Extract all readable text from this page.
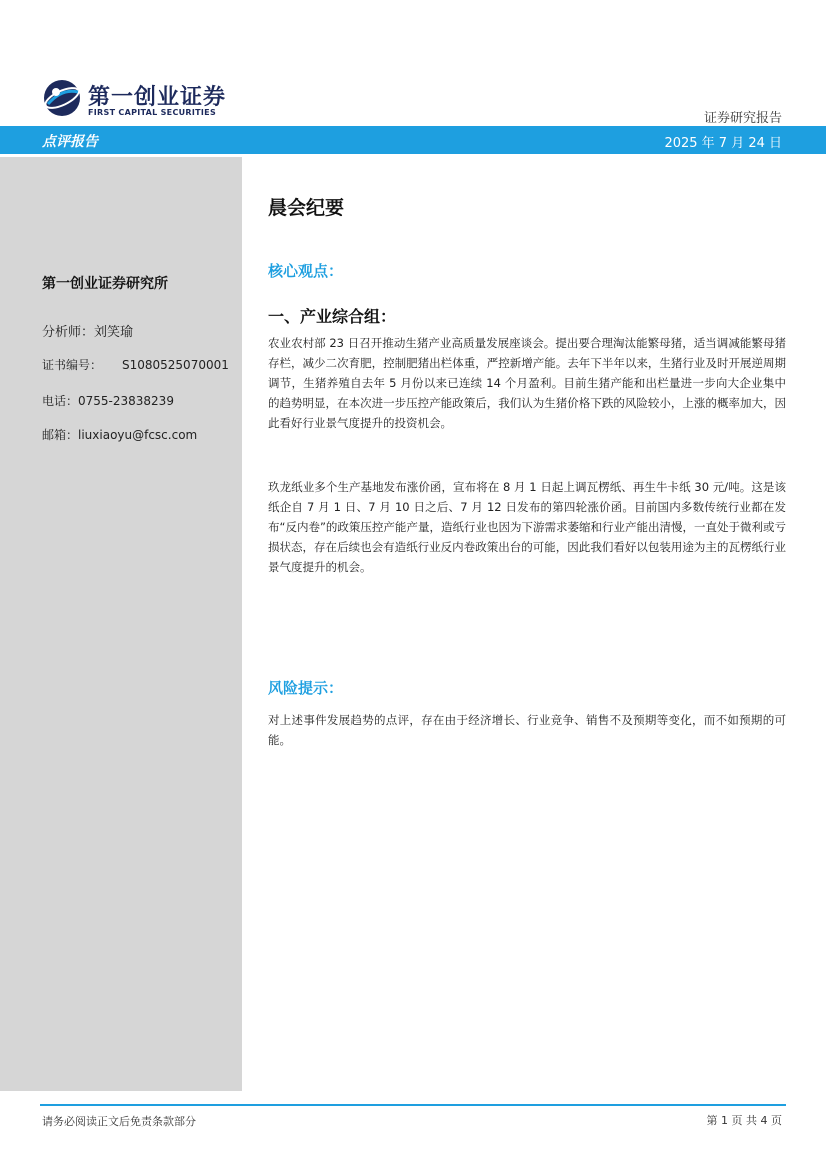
第一创业证券
FIRST CAPITAL SECURITIES	证券研究报告
点评报告	2025 年 7 月 24 日
第一创业证券研究所
分析师：刘笑瑜
证书编号： S1080525070001
电话：0755-23838239
邮箱：liuxiaoyu@fcsc.com
晨会纪要
核心观点：
一、产业综合组：
农业农村部 23 日召开推动生猪产业高质量发展座谈会。提出要合理淘汰能繁母猪，适当调减能繁母猪存栏，减少二次育肥，控制肥猪出栏体重，严控新增产能。去年下半年以来，生猪行业及时开展逆周期调节，生猪养殖自去年 5 月份以来已连续 14 个月盈利。目前生猪产能和出栏量进一步向大企业集中的趋势明显，在本次进一步压控产能政策后，我们认为生猪价格下跌的风险较小，上涨的概率加大，因此看好行业景气度提升的投资机会。
玖龙纸业多个生产基地发布涨价函，宣布将在 8 月 1 日起上调瓦楞纸、再生牛卡纸 30 元/吨。这是该纸企自 7 月 1 日、7 月 10 日之后、7 月 12 日发布的第四轮涨价函。目前国内多数传统行业都在发布“反内卷”的政策压控产能产量，造纸行业也因为下游需求萎缩和行业产能出清慢，一直处于微利或亏损状态，存在后续也会有造纸行业反内卷政策出台的可能，因此我们看好以包装用途为主的瓦楞纸行业景气度提升的机会。
风险提示：
对上述事件发展趋势的点评，存在由于经济增长、行业竞争、销售不及预期等变化，而不如预期的可能。
请务必阅读正文后免责条款部分	第 1 页 共 4 页
